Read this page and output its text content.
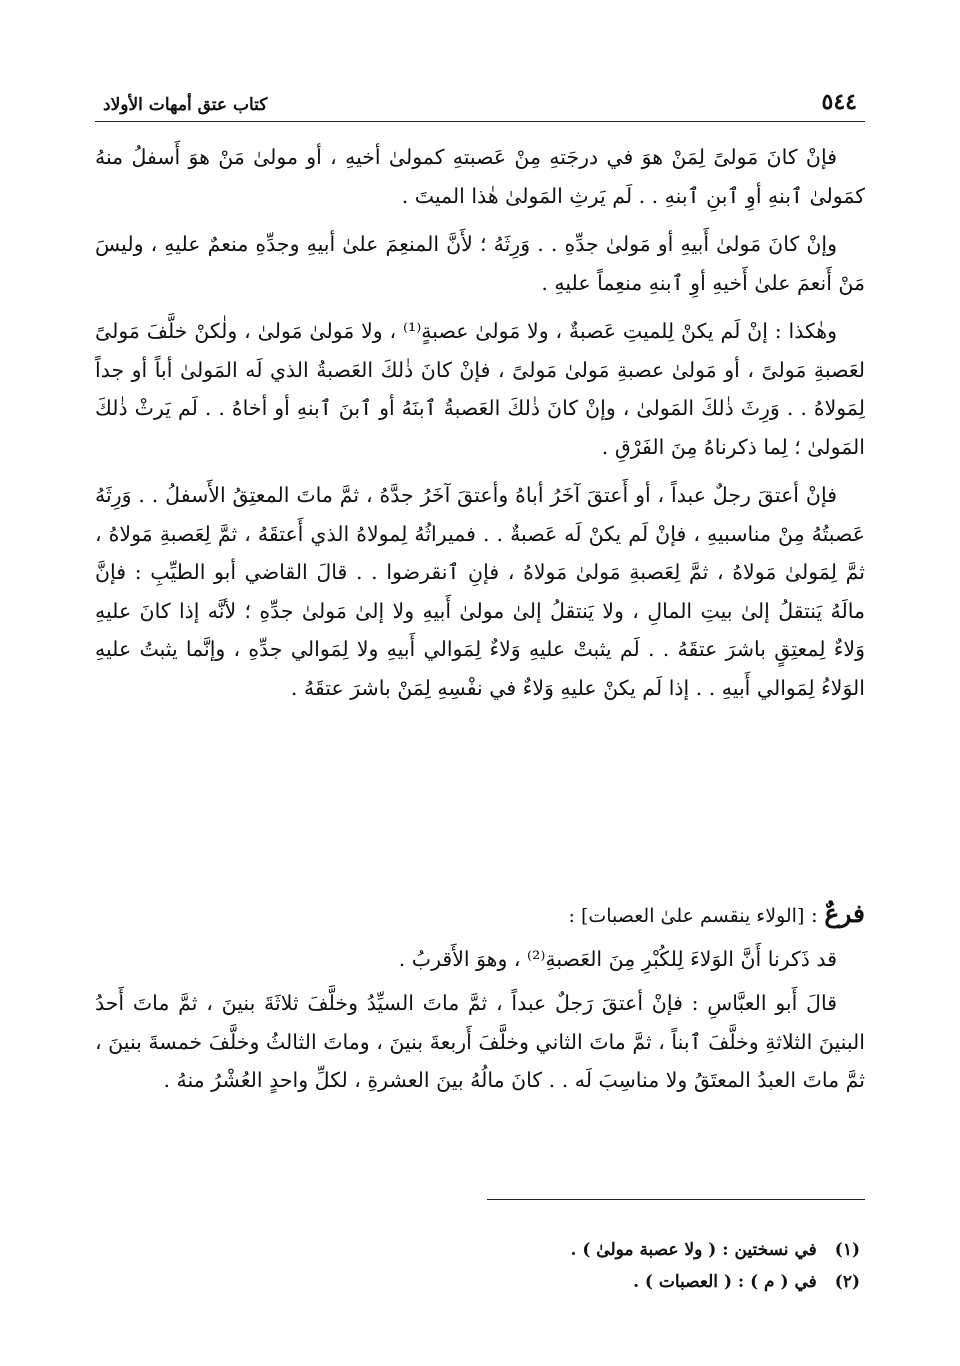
٥٤٤
كتاب عتق أمهات الأولاد

فإنْ كانَ مَولىً لِمَنْ هوَ في درجَتهِ مِنْ عَصبتهِ كمولىٰ أخيهِ ، أو مولىٰ مَنْ هوَ أَسفلُ منهُ كمَولىٰ ٱبنهِ أوِ ٱبنِ ٱبنهِ . . لَم يَرثِ المَولىٰ هٰذا الميتَ .

وإنْ كانَ مَولىٰ أَبيهِ أو مَولىٰ جدِّهِ . . وَرِثَهُ ؛ لأَنَّ المنعِمَ علىٰ أبيهِ وجدِّهِ منعمٌ عليهِ ، وليسَ مَنْ أَنعمَ علىٰ أَخيهِ أوِ ٱبنهِ منعِماً عليهِ .

وهٰكذا : إنْ لَم يكنْ لِلميتِ عَصبةٌ ، ولا مَولىٰ عصبةٍ⁽¹⁾ ، ولا مَولىٰ مَولىٰ ، ولٰكنْ خلَّفَ مَولىً لعَصبةِ مَولىً ، أو مَولىٰ عصبةِ مَولىٰ مَولىً ، فإنْ كانَ ذٰلكَ العَصبةُ الذي لَه المَولىٰ أباً أو جداً لِمَولاهُ . . وَرِثَ ذٰلكَ المَولىٰ ، وإنْ كانَ ذٰلكَ العَصبةُ ٱبنَهُ أو ٱبنَ ٱبنهِ أو أخاهُ . . لَم يَرثْ ذٰلكَ المَولىٰ ؛ لِما ذكرناهُ مِنَ الفَرْقِ .

فإنْ أعتقَ رجلٌ عبداً ، أو أَعتقَ آخَرُ أباهُ وأعتقَ آخَرُ جدَّهُ ، ثمَّ ماتَ المعتِقُ الأَسفلُ . . وَرِثَهُ عَصبتُهُ مِنْ مناسبيهِ ، فإنْ لَم يكنْ لَه عَصبةٌ . . فميراثُهُ لِمولاهُ الذي أَعتقَهُ ، ثمَّ لِعَصبةِ مَولاهُ ، ثمَّ لِمَولىٰ مَولاهُ ، ثمَّ لِعَصبةِ مَولىٰ مَولاهُ ، فإنِ ٱنقرضوا . . قالَ القاضي أبو الطيِّبِ : فإنَّ مالَهُ يَنتقلُ إلىٰ بيتِ المالِ ، ولا يَنتقلُ إلىٰ مولىٰ أَبيهِ ولا إلىٰ مَولىٰ جدِّهِ ؛ لأنَّه إذا كانَ عليهِ وَلاءٌ لِمعتِقٍ باشرَ عتقَهُ . . لَم يثبتْ عليهِ وَلاءٌ لِمَوالي أَبيهِ ولا لِمَوالي جدِّهِ ، وإنَّما يثبتُ عليهِ الوَلاءُ لِمَوالي أَبيهِ . . إذا لَم يكنْ عليهِ وَلاءٌ في نفْسِهِ لِمَنْ باشرَ عتقَهُ .

فرعٌ : [الولاء ينقسم علىٰ العصبات] :

قد ذَكرنا أَنَّ الوَلاءَ لِلكُبْرِ مِنَ العَصبةِ⁽²⁾ ، وهوَ الأَقربُ .

قالَ أَبو العبَّاسِ : فإنْ أعتقَ رَجلٌ عبداً ، ثمَّ ماتَ السيِّدُ وخلَّفَ ثلاثَةَ بنينَ ، ثمَّ ماتَ أَحدُ البنينَ الثلاثةِ وخلَّفَ ٱبناً ، ثمَّ ماتَ الثاني وخلَّفَ أَربعةَ بنينَ ، وماتَ الثالثُ وخلَّفَ خمسةَ بنينَ ، ثمَّ ماتَ العبدُ المعتَقُ ولا مناسِبَ لَه . . كانَ مالُهُ بينَ العشرةِ ، لكلِّ واحدٍ العُشْرُ منهُ .

(١)
في نسختين : ( ولا عصبة مولىٰ ) .
(٢)
في ( م ) : ( العصبات ) .
